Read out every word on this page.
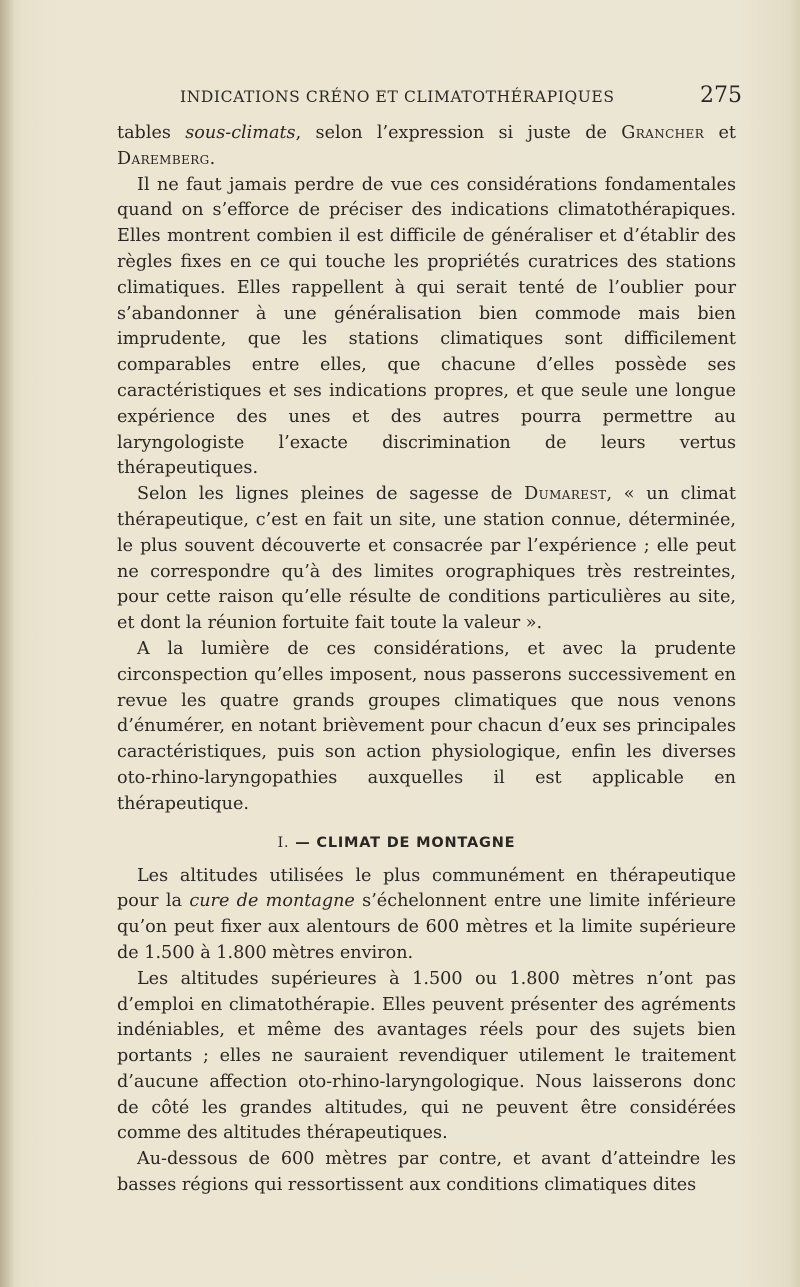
INDICATIONS CRÉNO ET CLIMATOTHÉRAPIQUES	275

tables sous-climats, selon l’expression si juste de Grancher et Daremberg.

Il ne faut jamais perdre de vue ces considérations fondamentales quand on s’efforce de préciser des indications climatothérapiques. Elles montrent combien il est difficile de généraliser et d’établir des règles fixes en ce qui touche les propriétés curatrices des stations climatiques. Elles rappellent à qui serait tenté de l’oublier pour s’abandonner à une généralisation bien commode mais bien imprudente, que les stations climatiques sont difficilement comparables entre elles, que chacune d’elles possède ses caractéristiques et ses indications propres, et que seule une longue expérience des unes et des autres pourra permettre au laryngologiste l’exacte discrimination de leurs vertus thérapeutiques.

Selon les lignes pleines de sagesse de Dumarest, « un climat thérapeutique, c’est en fait un site, une station connue, déterminée, le plus souvent découverte et consacrée par l’expérience ; elle peut ne correspondre qu’à des limites orographiques très restreintes, pour cette raison qu’elle résulte de conditions particulières au site, et dont la réunion fortuite fait toute la valeur ».

A la lumière de ces considérations, et avec la prudente circonspection qu’elles imposent, nous passerons successivement en revue les quatre grands groupes climatiques que nous venons d’énumérer, en notant brièvement pour chacun d’eux ses principales caractéristiques, puis son action physiologique, enfin les diverses oto-rhino-laryngopathies auxquelles il est applicable en thérapeutique.

I. — CLIMAT DE MONTAGNE

Les altitudes utilisées le plus communément en thérapeutique pour la cure de montagne s’échelonnent entre une limite inférieure qu’on peut fixer aux alentours de 600 mètres et la limite supérieure de 1.500 à 1.800 mètres environ.

Les altitudes supérieures à 1.500 ou 1.800 mètres n’ont pas d’emploi en climatothérapie. Elles peuvent présenter des agréments indéniables, et même des avantages réels pour des sujets bien portants ; elles ne sauraient revendiquer utilement le traitement d’aucune affection oto-rhino-laryngologique. Nous laisserons donc de côté les grandes altitudes, qui ne peuvent être considérées comme des altitudes thérapeutiques.

Au-dessous de 600 mètres par contre, et avant d’atteindre les basses régions qui ressortissent aux conditions climatiques dites
